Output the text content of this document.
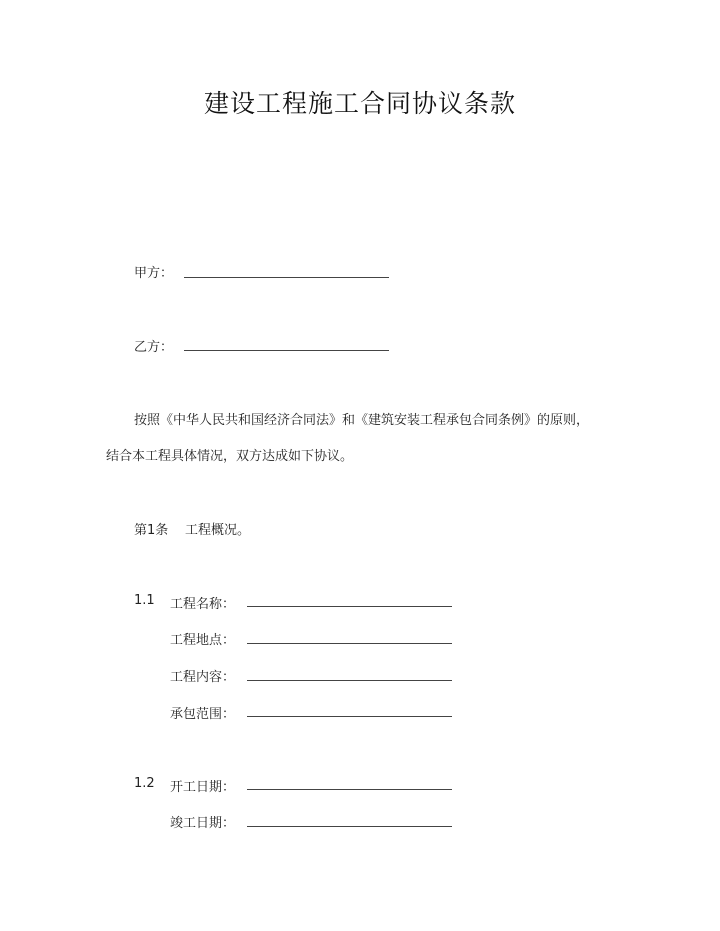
建设工程施工合同协议条款
甲方：
乙方：
按照《中华人民共和国经济合同法》和《建筑安装工程承包合同条例》的原则，
结合本工程具体情况，双方达成如下协议。
第1条 工程概况。
1.1 工程名称：
工程地点：
工程内容：
承包范围：
1.2 开工日期：
竣工日期：
